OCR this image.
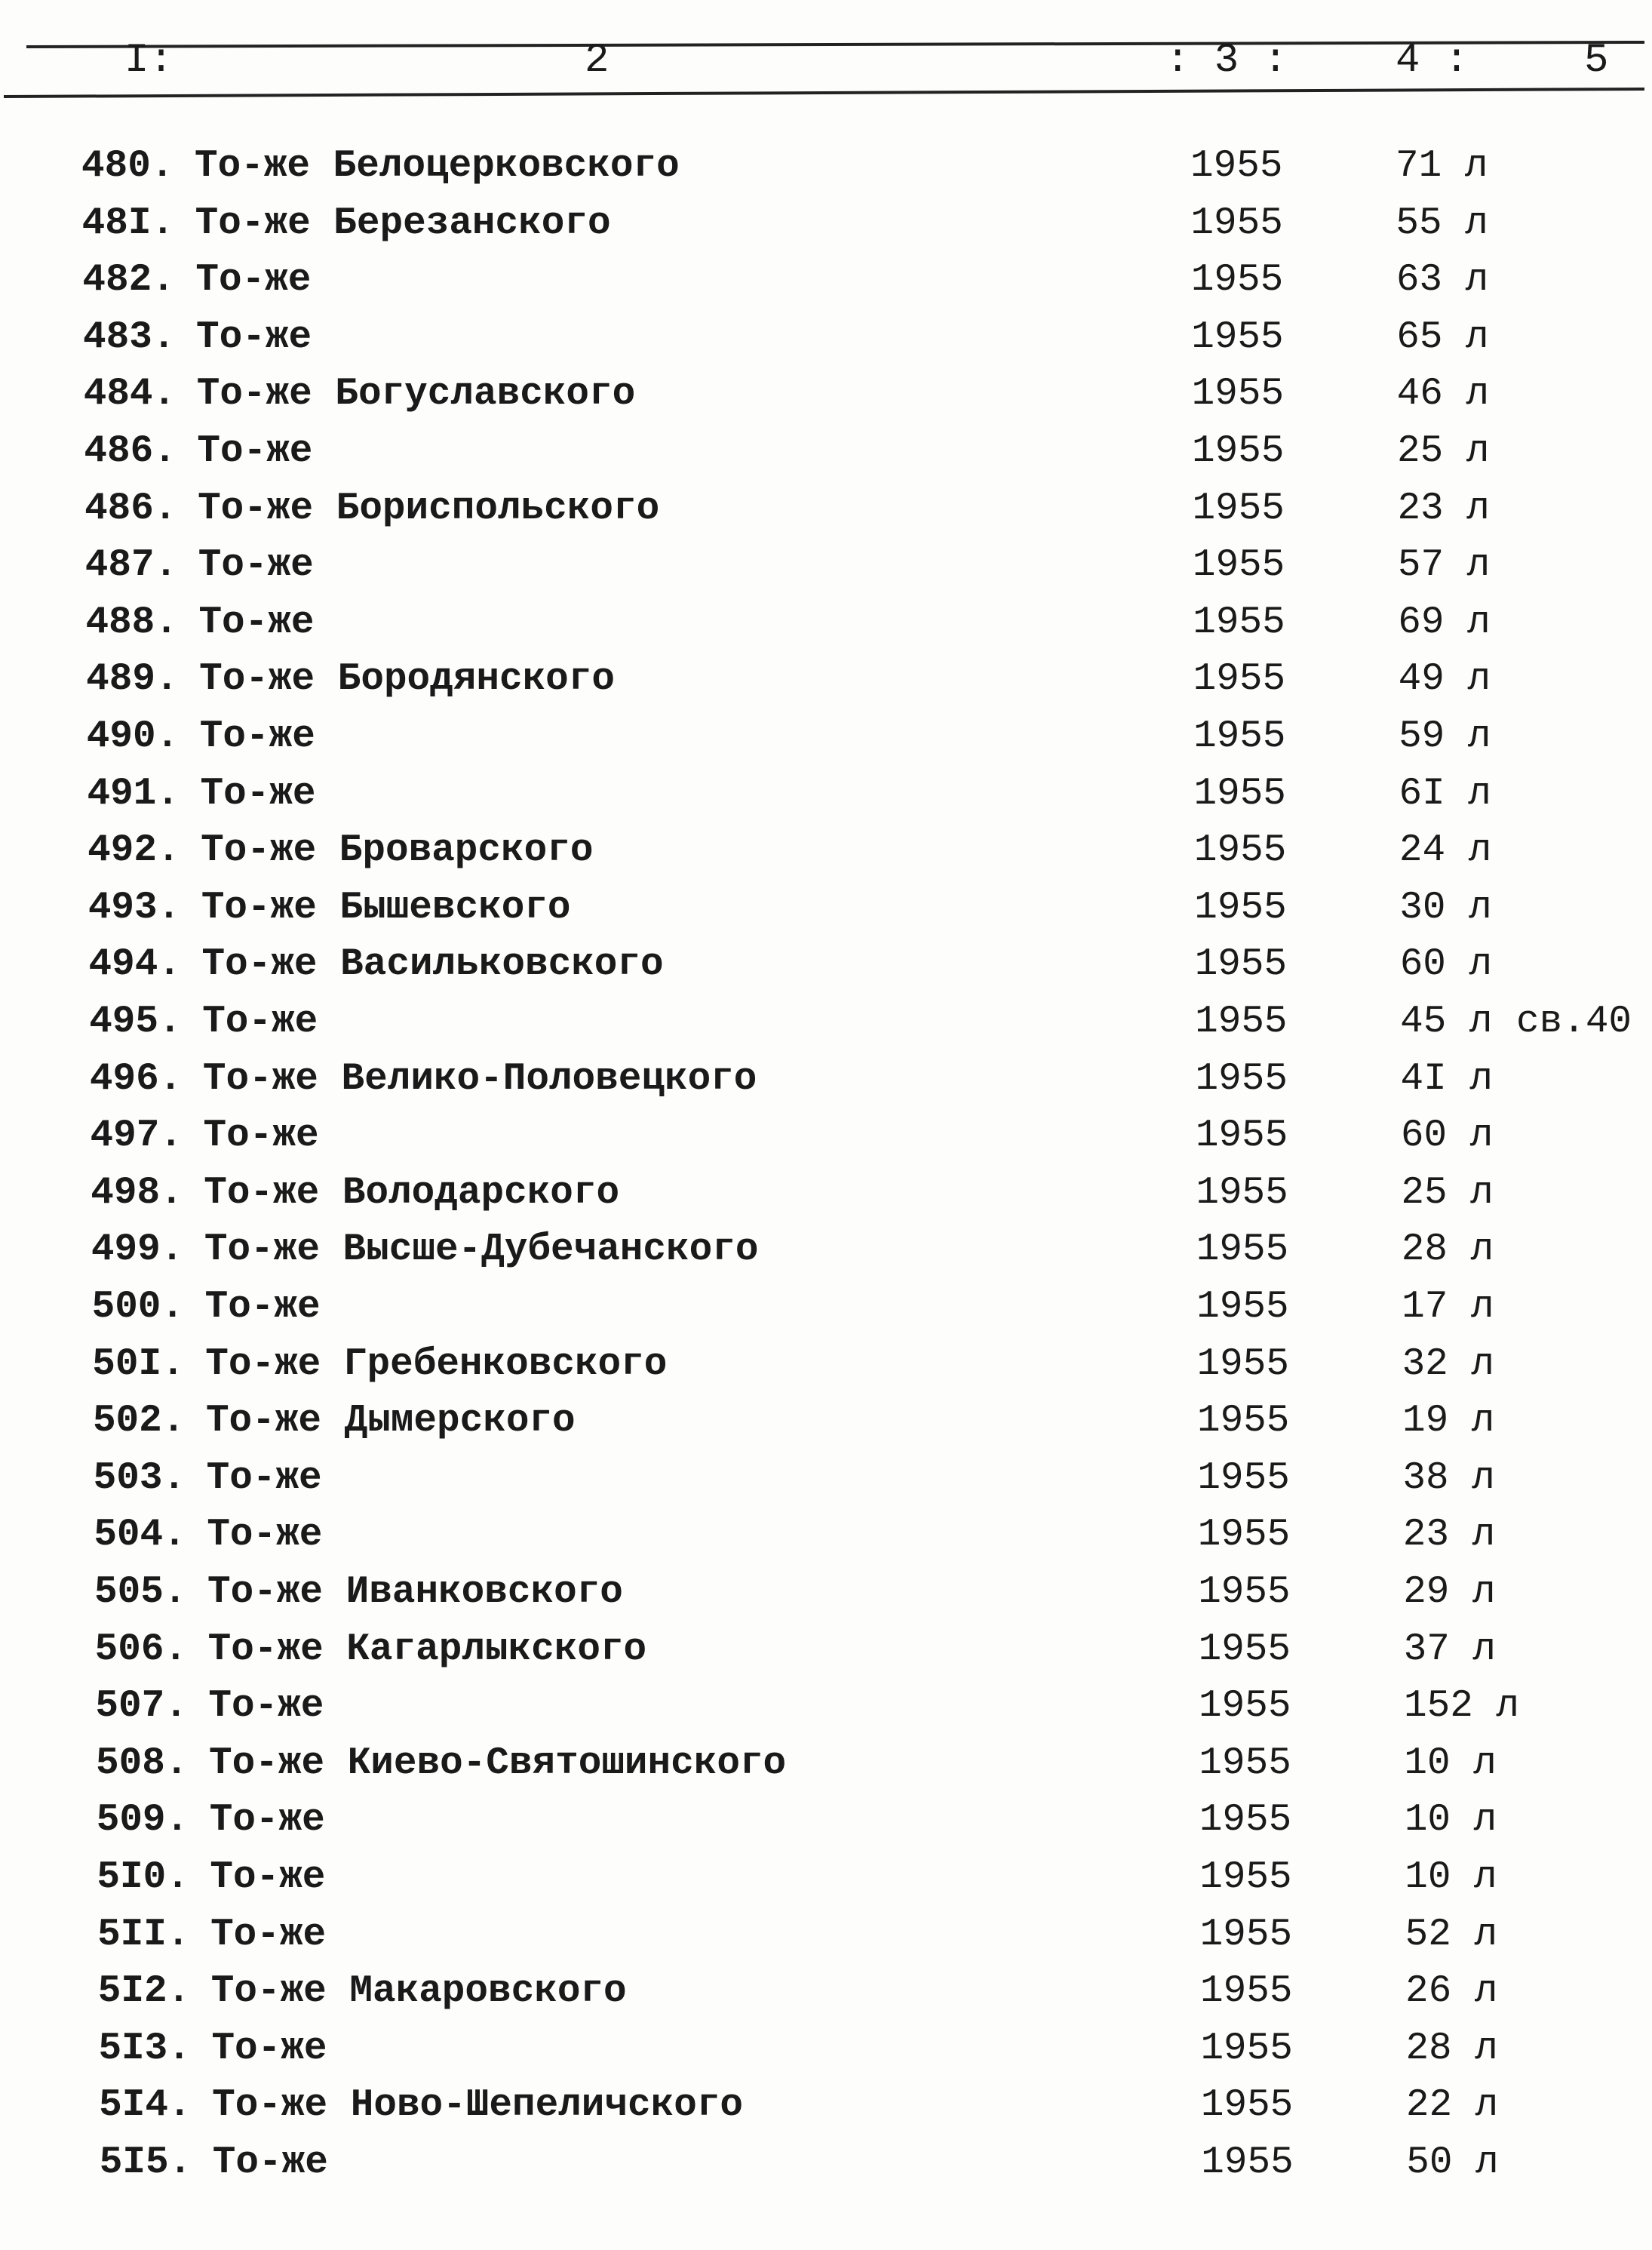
I:	2	: 3 :	4 :	5
480. То-же Белоцерковского	1955	71 л
48I. То-же Березанского	1955	55 л
482. То-же	1955	63 л
483. То-же	1955	65 л
484. То-же Богуславского	1955	46 л
486. То-же	1955	25 л
486. То-же Бориспольского	1955	23 л
487. То-же	1955	57 л
488. То-же	1955	69 л
489. То-же Бородянского	1955	49 л
490. То-же	1955	59 л
491. То-же	1955	6I л
492. То-же Броварского	1955	24 л
493. То-же Бышевского	1955	30 л
494. То-же Васильковского	1955	60 л
495. То-же	1955	45 л св.40
496. То-же Велико-Половецкого	1955	4I л
497. То-же	1955	60 л
498. То-же Володарского	1955	25 л
499. То-же Высше-Дубечанского	1955	28 л
500. То-же	1955	17 л
50I. То-же Гребенковского	1955	32 л
502. То-же Дымерского	1955	19 л
503. То-же	1955	38 л
504. То-же	1955	23 л
505. То-же Иванковского	1955	29 л
506. То-же Кагарлыкского	1955	37 л
507. То-же	1955	152 л
508. То-же Киево-Святошинского	1955	10 л
509. То-же	1955	10 л
5I0. То-же	1955	10 л
5II. То-же	1955	52 л
5I2. То-же Макаровского	1955	26 л
5I3. То-же	1955	28 л
5I4. То-же Ново-Шепеличского	1955	22 л
5I5. То-же	1955	50 л
